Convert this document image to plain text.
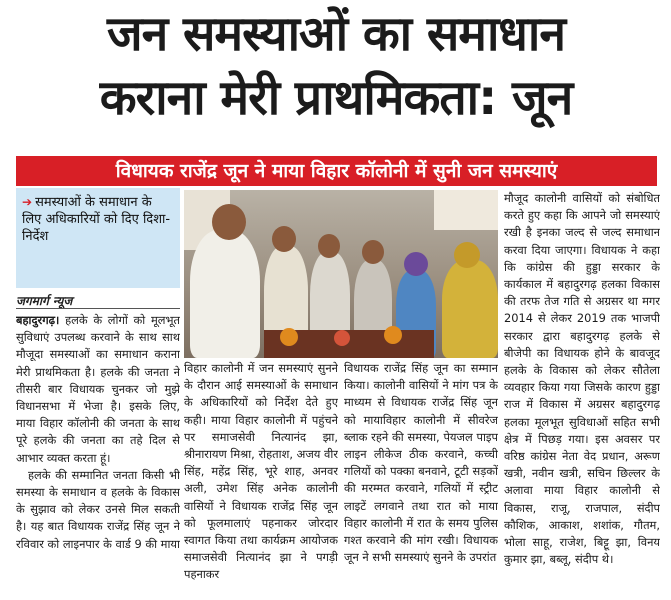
जन समस्याओं का समाधान
कराना मेरी प्राथमिकता: जून
विधायक राजेंद्र जून ने माया विहार कॉलोनी में सुनी जन समस्याएं
➔ समस्याओं के समाधान के लिए अधिकारियों को दिए दिशा-निर्देश
जगमार्ग न्यूज

बहादुरगढ़। हलके के लोगों को मूलभूत सुविधाएं उपलब्ध करवाने के साथ साथ मौजूदा समस्याओं का समाधान कराना मेरी प्राथमिकता है। हलके की जनता ने तीसरी बार विधायक चुनकर जो मुझे विधानसभा में भेजा है। इसके लिए, माया विहार कॉलोनी की जनता के साथ पूरे हलके की जनता का तहे दिल से आभार व्यक्त करता हूं।

हलके की सम्मानित जनता किसी भी समस्या के समाधान व हलके के विकास के सुझाव को लेकर उनसे मिल सकती है। यह बात विधायक राजेंद्र सिंह जून ने रविवार को लाइनपार के वार्ड 9 की माया

विहार कालोनी में जन समस्याएं सुनने के दौरान आई समस्याओं के समाधान के अधिकारियों को निर्देश देते हुए कही। माया विहार कालोनी में पहुंचने पर समाजसेवी नित्यानंद झा, श्रीनारायण मिश्रा, रोहताश, अजय वीर सिंह, महेंद्र सिंह, भूरे शाह, अनवर अली, उमेश सिंह अनेक कालोनी वासियों ने विधायक राजेंद्र सिंह जून को फूलमालाएं पहनाकर जोरदार स्वागत किया तथा कार्यक्रम आयोजक समाजसेवी नित्यानंद झा ने पगड़ी पहनाकर
विधायक राजेंद्र सिंह जून का सम्मान किया। कालोनी वासियों ने मांग पत्र के माध्यम से विधायक राजेंद्र सिंह जून को मायाविहार कालोनी में सीवरेज ब्लाक रहने की समस्या, पेयजल पाइप लाइन लीकेज ठीक करवाने, कच्ची गलियों को पक्का बनवाने, टूटी सड़कों की मरम्मत करवाने, गलियों में स्ट्रीट लाइटें लगवाने तथा रात को माया विहार कालोनी में रात के समय पुलिस गश्त करवाने की मांग रखी। विधायक जून ने सभी समस्याएं सुनने के उपरांत
मौजूद कालोनी वासियों को संबोधित करते हुए कहा कि आपने जो समस्याएं रखी है इनका जल्द से जल्द समाधान करवा दिया जाएगा। विधायक ने कहा कि कांग्रेस की हुड्डा सरकार के कार्यकाल में बहादुरगढ़ हलका विकास की तरफ तेज गति से अग्रसर था मगर 2014 से लेकर 2019 तक भाजपी सरकार द्वारा बहादुरगढ़ हलके से बीजेपी का विधायक होने के बावजूद हलके के विकास को लेकर सौतेला व्यवहार किया गया जिसके कारण हुड्डा राज में विकास में अग्रसर बहादुरगढ़ हलका मूलभूत सुविधाओं सहित सभी क्षेत्र में पिछड़ गया। इस अवसर पर वरिष्ठ कांग्रेस नेता वेद प्रधान, अरूण खत्री, नवीन खत्री, सचिन छिल्लर के अलावा माया विहार कालोनी से विकास, राजू, राजपाल, संदीप कौशिक, आकाश, शशांक, गौतम, भोला साहू, राजेश, बिट्टू झा, विनय कुमार झा, बब्लू, संदीप थे।
